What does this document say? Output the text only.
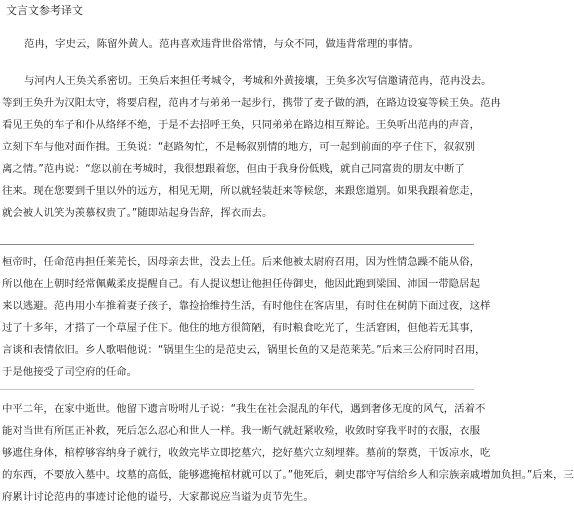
文言文参考译文
范冉，字史云，陈留外黄人。范冉喜欢违背世俗常情，与众不同，做违背常理的事情。
与河内人王奂关系密切。王奂后来担任考城令，考城和外黄接壤，王奂多次写信邀请范冉，范冉没去。
等到王奂升为汉阳太守，将要启程，范冉才与弟弟一起步行，携带了麦子做的酒，在路边设宴等候王奂。范冉
看见王奂的车子和仆从络绎不绝，于是不去招呼王奂，只同弟弟在路边相互辩论。王奂听出范冉的声音，
立刻下车与他对面作揖。王奂说：“赵路匆忙，不是畅叙别情的地方，可一起到前面的亭子住下，叙叙别
离之情。”范冉说：“您以前在考城时，我很想跟着您，但由于我身份低贱，就自己同富贵的朋友中断了
往来。现在您要到千里以外的远方，相见无期，所以就轻装赶来等候您，来跟您道别。如果我跟着您走，
就会被人讥笑为羡慕权贵了。”随即站起身告辞，挥衣而去。
桓帝时，任命范冉担任莱芜长，因母亲去世，没去上任。后来他被太尉府召用，因为性情急躁不能从俗，
所以他在上朝时经常佩戴柔皮提醒自己。有人提议想让他担任侍御史，他因此跑到梁国、沛国一带隐居起
来以逃避。范冉用小车推着妻子孩子，靠捡拾维持生活，有时他住在客店里，有时住在树荫下面过夜，这样
过了十多年，才搭了一个草屋子住下。他住的地方很简陋，有时粮食吃光了，生活窘困，但他若无其事，
言谈和表情依旧。乡人歌唱他说：“锅里生尘的是范史云，锅里长鱼的又是范莱芜。”后来三公府同时召用，
于是他接受了司空府的任命。
中平二年，在家中逝世。他留下遗言吩咐儿子说：“我生在社会混乱的年代，遇到奢侈无度的风气，活着不
能对当世有所匡正补救，死后怎么忍心和世人一样。我一断气就赶紧收殓，收敛时穿我平时的衣服，衣服
够遮住身体，棺椁够容纳身子就行，收敛完毕立即挖墓穴，挖好墓穴立刻埋葬。墓前的祭奠，干饭凉水，吃
的东西，不要放入墓中。坟墓的高低，能够遮掩棺材就可以了。”他死后，刺史郡守写信给乡人和宗族亲戚增加负担。”后来，三
府累计讨论范冉的事迹讨论他的谥号，大家都说应当谥为贞节先生。
